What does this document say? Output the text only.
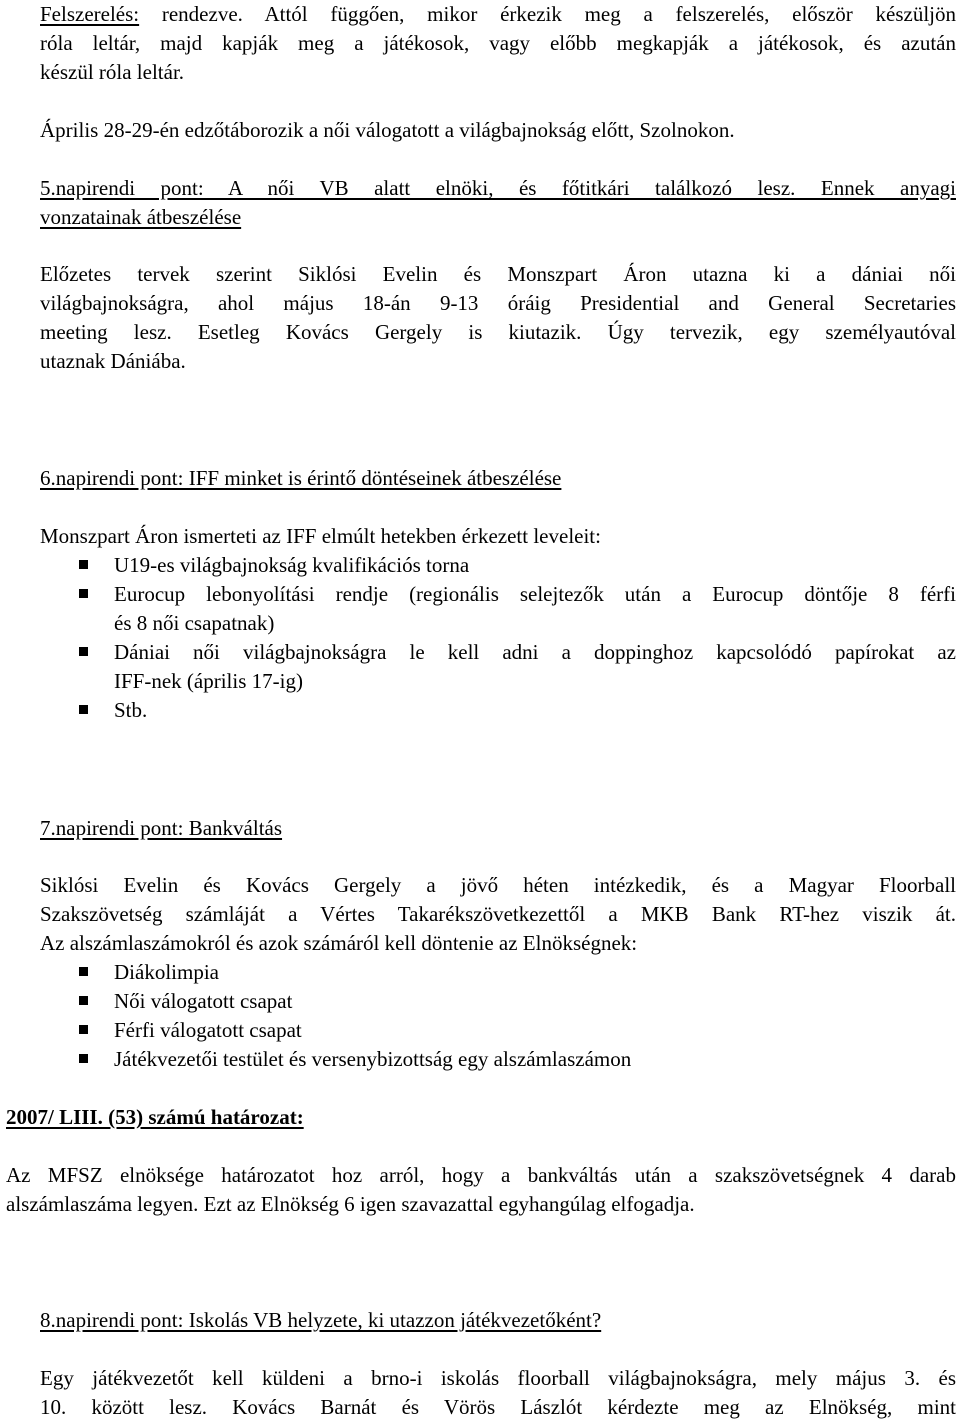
Felszerelés: rendezve. Attól függően, mikor érkezik meg a felszerelés, először készüljön
róla leltár, majd kapják meg a játékosok, vagy előbb megkapják a játékosok, és azután
készül róla leltár.
Április 28-29-én edzőtáborozik a női válogatott a világbajnokság előtt, Szolnokon.
5.napirendi pont: A női VB alatt elnöki, és főtitkári találkozó lesz. Ennek anyagi
vonzatainak átbeszélése
Előzetes tervek szerint Siklósi Evelin és Monszpart Áron utazna ki a dániai női
világbajnokságra, ahol május 18-án 9-13 óráig Presidential and General Secretaries
meeting lesz. Esetleg Kovács Gergely is kiutazik. Úgy tervezik, egy személyautóval
utaznak Dániába.
6.napirendi pont: IFF minket is érintő döntéseinek átbeszélése
Monszpart Áron ismerteti az IFF elmúlt hetekben érkezett leveleit:
U19-es világbajnokság kvalifikációs torna
Eurocup lebonyolítási rendje (regionális selejtezők után a Eurocup döntője 8 férfi
és 8 női csapatnak)
Dániai női világbajnokságra le kell adni a doppinghoz kapcsolódó papírokat az
IFF-nek (április 17-ig)
Stb.
7.napirendi pont: Bankváltás
Siklósi Evelin és Kovács Gergely a jövő héten intézkedik, és a Magyar Floorball
Szakszövetség számláját a Vértes Takarékszövetkezettől a MKB Bank RT-hez viszik át.
Az alszámlaszámokról és azok számáról kell döntenie az Elnökségnek:
Diákolimpia
Női válogatott csapat
Férfi válogatott csapat
Játékvezetői testület és versenybizottság egy alszámlaszámon
2007/ LIII. (53) számú határozat:
Az MFSZ elnöksége határozatot hoz arról, hogy a bankváltás után a szakszövetségnek 4 darab
alszámlaszáma legyen. Ezt az Elnökség 6 igen szavazattal egyhangúlag elfogadja.
8.napirendi pont: Iskolás VB helyzete, ki utazzon játékvezetőként?
Egy játékvezetőt kell küldeni a brno-i iskolás floorball világbajnokságra, mely május 3. és
10. között lesz. Kovács Barnát és Vörös Lászlót kérdezte meg az Elnökség, mint
